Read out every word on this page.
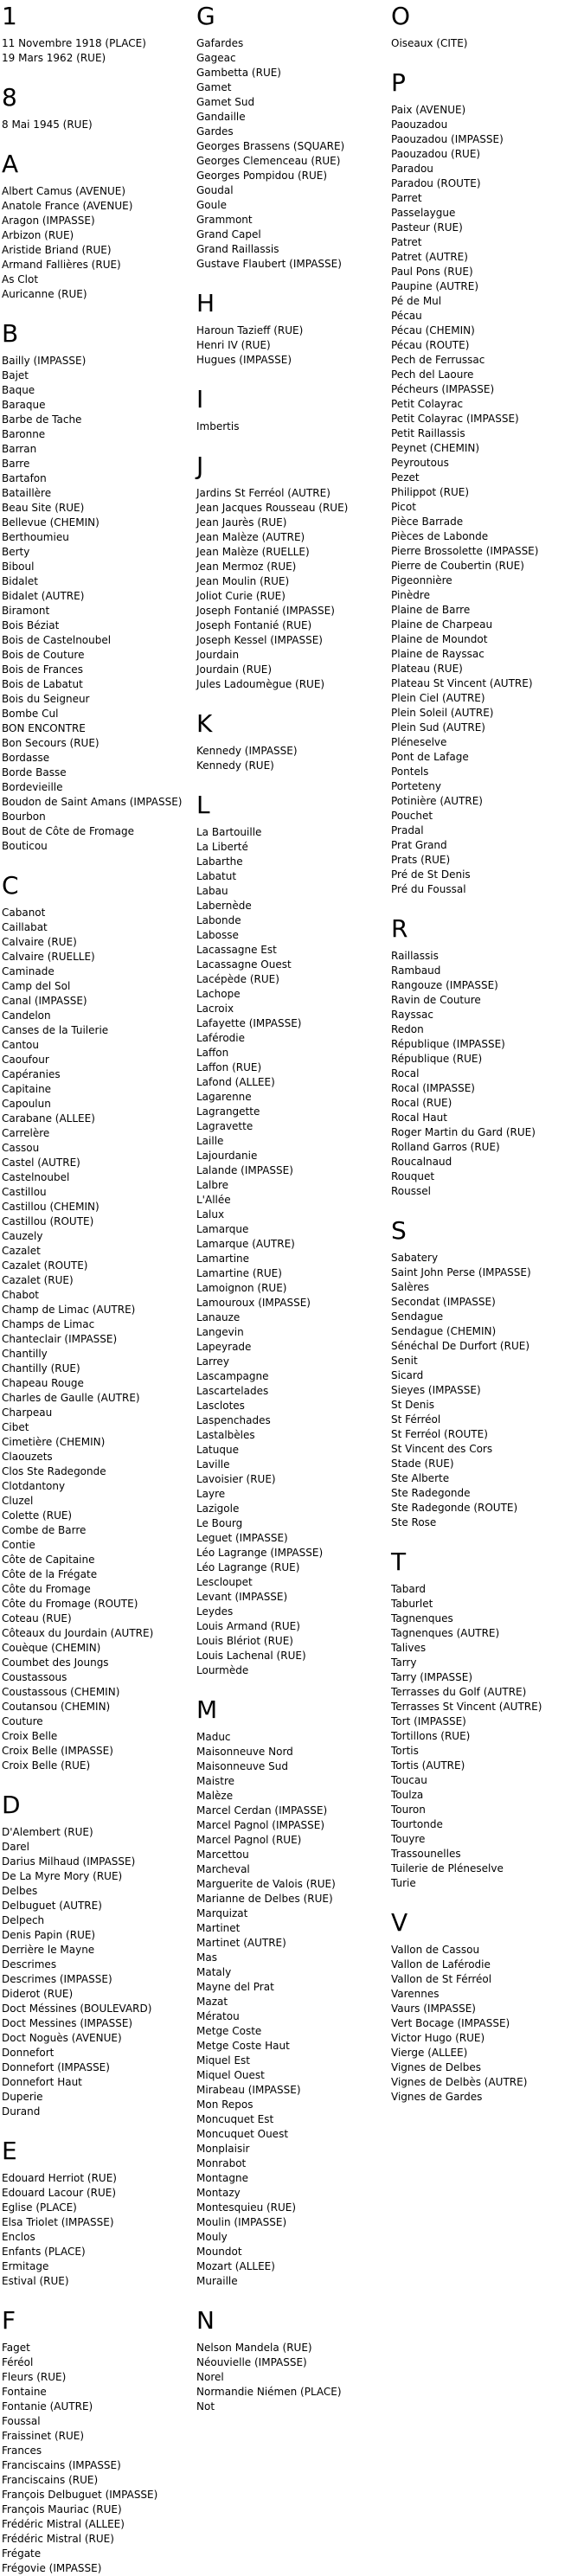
1
11 Novembre 1918 (PLACE)
19 Mars 1962 (RUE)
8
8 Mai 1945 (RUE)
A
Albert Camus (AVENUE)
Anatole France (AVENUE)
Aragon (IMPASSE)
Arbizon (RUE)
Aristide Briand (RUE)
Armand Fallières (RUE)
As Clot
Auricanne (RUE)
B
Bailly (IMPASSE)
Bajet
Baque
Baraque
Barbe de Tache
Baronne
Barran
Barre
Bartafon
Bataillère
Beau Site (RUE)
Bellevue (CHEMIN)
Berthoumieu
Berty
Biboul
Bidalet
Bidalet (AUTRE)
Biramont
Bois Béziat
Bois de Castelnoubel
Bois de Couture
Bois de Frances
Bois de Labatut
Bois du Seigneur
Bombe Cul
BON ENCONTRE
Bon Secours (RUE)
Bordasse
Borde Basse
Bordevieille
Boudon de Saint Amans (IMPASSE)
Bourbon
Bout de Côte de Fromage
Bouticou
C
Cabanot
Caillabat
Calvaire (RUE)
Calvaire (RUELLE)
Caminade
Camp del Sol
Canal (IMPASSE)
Candelon
Canses de la Tuilerie
Cantou
Caoufour
Capéranies
Capitaine
Capoulun
Carabane (ALLEE)
Carrelère
Cassou
Castel (AUTRE)
Castelnoubel
Castillou
Castillou (CHEMIN)
Castillou (ROUTE)
Cauzely
Cazalet
Cazalet (ROUTE)
Cazalet (RUE)
Chabot
Champ de Limac (AUTRE)
Champs de Limac
Chanteclair (IMPASSE)
Chantilly
Chantilly (RUE)
Chapeau Rouge
Charles de Gaulle (AUTRE)
Charpeau
Cibet
Cimetière (CHEMIN)
Claouzets
Clos Ste Radegonde
Clotdantony
Cluzel
Colette (RUE)
Combe de Barre
Contie
Côte de Capitaine
Côte de la Frégate
Côte du Fromage
Côte du Fromage (ROUTE)
Coteau (RUE)
Côteaux du Jourdain (AUTRE)
Couèque (CHEMIN)
Coumbet des Joungs
Coustassous
Coustassous (CHEMIN)
Coutansou (CHEMIN)
Couture
Croix Belle
Croix Belle (IMPASSE)
Croix Belle (RUE)
D
D'Alembert (RUE)
Darel
Darius Milhaud (IMPASSE)
De La Myre Mory (RUE)
Delbes
Delbuguet (AUTRE)
Delpech
Denis Papin (RUE)
Derrière le Mayne
Descrimes
Descrimes (IMPASSE)
Diderot (RUE)
Doct Méssines (BOULEVARD)
Doct Messines (IMPASSE)
Doct Noguès (AVENUE)
Donnefort
Donnefort (IMPASSE)
Donnefort Haut
Duperie
Durand
E
Edouard Herriot (RUE)
Edouard Lacour (RUE)
Eglise (PLACE)
Elsa Triolet (IMPASSE)
Enclos
Enfants (PLACE)
Ermitage
Estival (RUE)
F
Faget
Féréol
Fleurs (RUE)
Fontaine
Fontanie (AUTRE)
Foussal
Fraissinet (RUE)
Frances
Franciscains (IMPASSE)
Franciscains (RUE)
François Delbuguet (IMPASSE)
François Mauriac (RUE)
Frédéric Mistral (ALLEE)
Frédéric Mistral (RUE)
Frégate
Frégovie (IMPASSE)
G
Gafardes
Gageac
Gambetta (RUE)
Gamet
Gamet Sud
Gandaille
Gardes
Georges Brassens (SQUARE)
Georges Clemenceau (RUE)
Georges Pompidou (RUE)
Goudal
Goule
Grammont
Grand Capel
Grand Raillassis
Gustave Flaubert (IMPASSE)
H
Haroun Tazieff (RUE)
Henri IV (RUE)
Hugues (IMPASSE)
I
Imbertis
J
Jardins St Ferréol (AUTRE)
Jean Jacques Rousseau (RUE)
Jean Jaurès (RUE)
Jean Malèze (AUTRE)
Jean Malèze (RUELLE)
Jean Mermoz (RUE)
Jean Moulin (RUE)
Joliot Curie (RUE)
Joseph Fontanié (IMPASSE)
Joseph Fontanié (RUE)
Joseph Kessel (IMPASSE)
Jourdain
Jourdain (RUE)
Jules Ladoumègue (RUE)
K
Kennedy (IMPASSE)
Kennedy (RUE)
L
La Bartouille
La Liberté
Labarthe
Labatut
Labau
Labernède
Labonde
Labosse
Lacassagne Est
Lacassagne Ouest
Lacépède (RUE)
Lachope
Lacroix
Lafayette (IMPASSE)
Laférodie
Laffon
Laffon (RUE)
Lafond (ALLEE)
Lagarenne
Lagrangette
Lagravette
Laille
Lajourdanie
Lalande (IMPASSE)
Lalbre
L'Allée
Lalux
Lamarque
Lamarque (AUTRE)
Lamartine
Lamartine (RUE)
Lamoignon (RUE)
Lamouroux (IMPASSE)
Lanauze
Langevin
Lapeyrade
Larrey
Lascampagne
Lascartelades
Lasclotes
Laspenchades
Lastalbèles
Latuque
Laville
Lavoisier (RUE)
Layre
Lazigole
Le Bourg
Leguet (IMPASSE)
Léo Lagrange (IMPASSE)
Léo Lagrange (RUE)
Lescloupet
Levant (IMPASSE)
Leydes
Louis Armand (RUE)
Louis Blériot (RUE)
Louis Lachenal (RUE)
Lourmède
M
Maduc
Maisonneuve Nord
Maisonneuve Sud
Maistre
Malèze
Marcel Cerdan (IMPASSE)
Marcel Pagnol (IMPASSE)
Marcel Pagnol (RUE)
Marcettou
Marcheval
Marguerite de Valois (RUE)
Marianne de Delbes (RUE)
Marquizat
Martinet
Martinet (AUTRE)
Mas
Mataly
Mayne del Prat
Mazat
Mératou
Metge Coste
Metge Coste Haut
Miquel Est
Miquel Ouest
Mirabeau (IMPASSE)
Mon Repos
Moncuquet Est
Moncuquet Ouest
Monplaisir
Monrabot
Montagne
Montazy
Montesquieu (RUE)
Moulin (IMPASSE)
Mouly
Moundot
Mozart (ALLEE)
Muraille
N
Nelson Mandela (RUE)
Néouvielle (IMPASSE)
Norel
Normandie Niémen (PLACE)
Not
O
Oiseaux (CITE)
P
Paix (AVENUE)
Paouzadou
Paouzadou (IMPASSE)
Paouzadou (RUE)
Paradou
Paradou (ROUTE)
Parret
Passelaygue
Pasteur (RUE)
Patret
Patret (AUTRE)
Paul Pons (RUE)
Paupine (AUTRE)
Pé de Mul
Pécau
Pécau (CHEMIN)
Pécau (ROUTE)
Pech de Ferrussac
Pech del Laoure
Pécheurs (IMPASSE)
Petit Colayrac
Petit Colayrac (IMPASSE)
Petit Raillassis
Peynet (CHEMIN)
Peyroutous
Pezet
Philippot (RUE)
Picot
Pièce Barrade
Pièces de Labonde
Pierre Brossolette (IMPASSE)
Pierre de Coubertin (RUE)
Pigeonnière
Pinèdre
Plaine de Barre
Plaine de Charpeau
Plaine de Moundot
Plaine de Rayssac
Plateau (RUE)
Plateau St Vincent (AUTRE)
Plein Ciel (AUTRE)
Plein Soleil (AUTRE)
Plein Sud (AUTRE)
Pléneselve
Pont de Lafage
Pontels
Porteteny
Potinière (AUTRE)
Pouchet
Pradal
Prat Grand
Prats (RUE)
Pré de St Denis
Pré du Foussal
R
Raillassis
Rambaud
Rangouze (IMPASSE)
Ravin de Couture
Rayssac
Redon
République (IMPASSE)
République (RUE)
Rocal
Rocal (IMPASSE)
Rocal (RUE)
Rocal Haut
Roger Martin du Gard (RUE)
Rolland Garros (RUE)
Roucalnaud
Rouquet
Roussel
S
Sabatery
Saint John Perse (IMPASSE)
Salères
Secondat (IMPASSE)
Sendague
Sendague (CHEMIN)
Sénéchal De Durfort (RUE)
Senit
Sicard
Sieyes (IMPASSE)
St Denis
St Férréol
St Ferréol (ROUTE)
St Vincent des Cors
Stade (RUE)
Ste Alberte
Ste Radegonde
Ste Radegonde (ROUTE)
Ste Rose
T
Tabard
Taburlet
Tagnenques
Tagnenques (AUTRE)
Talives
Tarry
Tarry (IMPASSE)
Terrasses du Golf (AUTRE)
Terrasses St Vincent (AUTRE)
Tort (IMPASSE)
Tortillons (RUE)
Tortis
Tortis (AUTRE)
Toucau
Toulza
Touron
Tourtonde
Touyre
Trassounelles
Tuilerie de Pléneselve
Turie
V
Vallon de Cassou
Vallon de Laférodie
Vallon de St Férréol
Varennes
Vaurs (IMPASSE)
Vert Bocage (IMPASSE)
Victor Hugo (RUE)
Vierge (ALLEE)
Vignes de Delbes
Vignes de Delbès (AUTRE)
Vignes de Gardes
